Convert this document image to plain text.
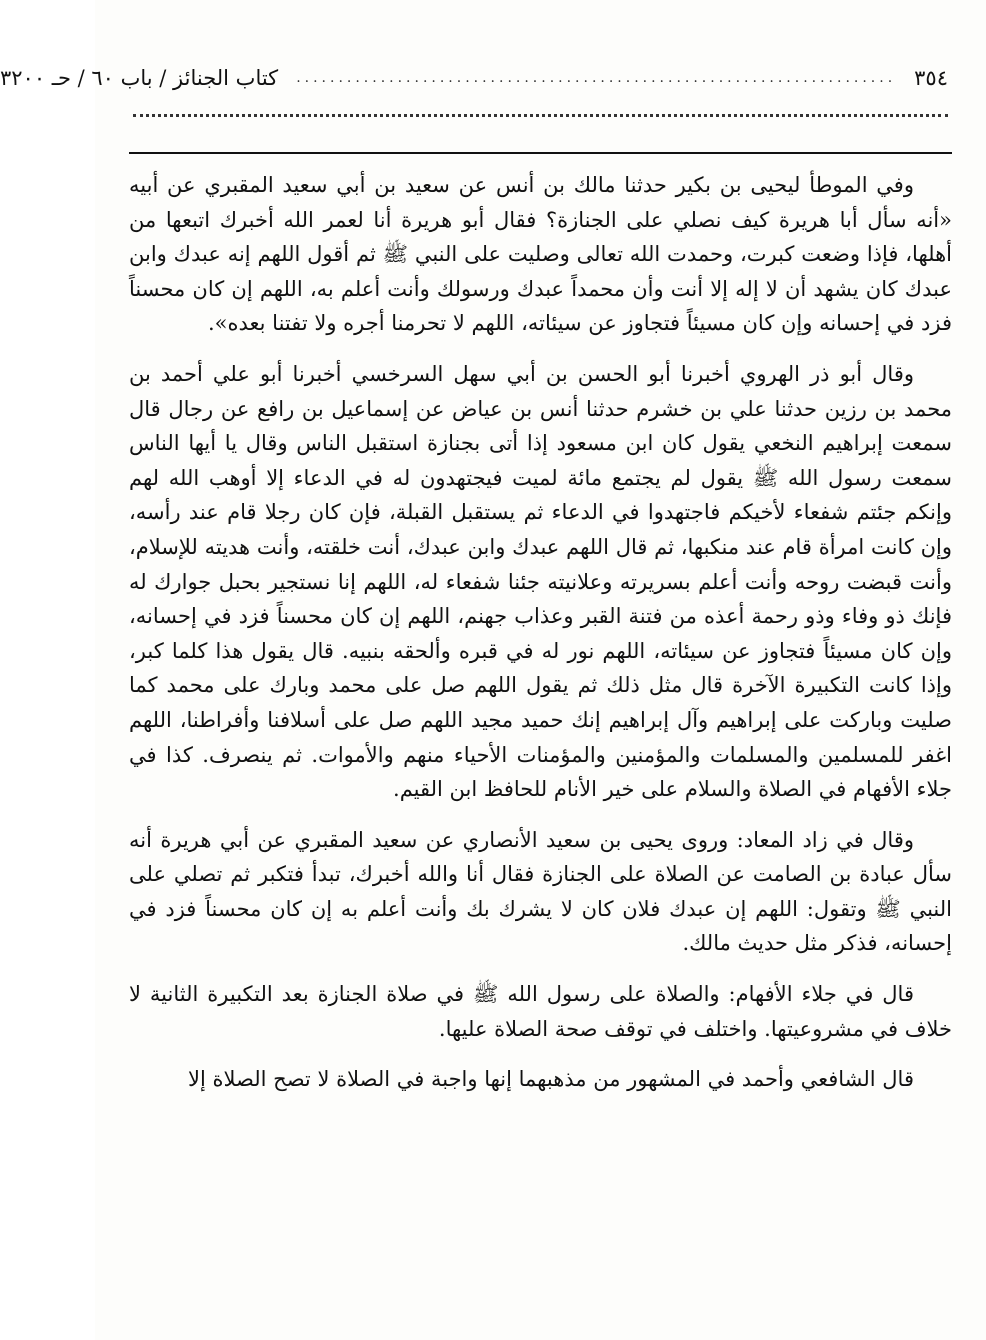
٣٥٤
.......................................................................
كتاب الجنائز / باب ٦٠ / حـ ٣٢٠٠

وفي الموطأ ليحيى بن بكير حدثنا مالك بن أنس عن سعيد بن أبي سعيد المقبري عن أبيه «أنه سأل أبا هريرة كيف نصلي على الجنازة؟ فقال أبو هريرة أنا لعمر الله أخبرك اتبعها من أهلها، فإذا وضعت كبرت، وحمدت الله تعالى وصليت على النبي ﷺ ثم أقول اللهم إنه عبدك وابن عبدك كان يشهد أن لا إله إلا أنت وأن محمداً عبدك ورسولك وأنت أعلم به، اللهم إن كان محسناً فزد في إحسانه وإن كان مسيئاً فتجاوز عن سيئاته، اللهم لا تحرمنا أجره ولا تفتنا بعده».

وقال أبو ذر الهروي أخبرنا أبو الحسن بن أبي سهل السرخسي أخبرنا أبو علي أحمد بن محمد بن رزين حدثنا علي بن خشرم حدثنا أنس بن عياض عن إسماعيل بن رافع عن رجال قال سمعت إبراهيم النخعي يقول كان ابن مسعود إذا أتى بجنازة استقبل الناس وقال يا أيها الناس سمعت رسول الله ﷺ يقول لم يجتمع مائة لميت فيجتهدون له في الدعاء إلا أوهب الله لهم وإنكم جئتم شفعاء لأخيكم فاجتهدوا في الدعاء ثم يستقبل القبلة، فإن كان رجلا قام عند رأسه، وإن كانت امرأة قام عند منكبها، ثم قال اللهم عبدك وابن عبدك، أنت خلقته، وأنت هديته للإسلام، وأنت قبضت روحه وأنت أعلم بسريرته وعلانيته جئنا شفعاء له، اللهم إنا نستجير بحبل جوارك له فإنك ذو وفاء وذو رحمة أعذه من فتنة القبر وعذاب جهنم، اللهم إن كان محسناً فزد في إحسانه، وإن كان مسيئاً فتجاوز عن سيئاته، اللهم نور له في قبره وألحقه بنبيه. قال يقول هذا كلما كبر، وإذا كانت التكبيرة الآخرة قال مثل ذلك ثم يقول اللهم صل على محمد وبارك على محمد كما صليت وباركت على إبراهيم وآل إبراهيم إنك حميد مجيد اللهم صل على أسلافنا وأفراطنا، اللهم اغفر للمسلمين والمسلمات والمؤمنين والمؤمنات الأحياء منهم والأموات. ثم ينصرف. كذا في جلاء الأفهام في الصلاة والسلام على خير الأنام للحافظ ابن القيم.

وقال في زاد المعاد: وروى يحيى بن سعيد الأنصاري عن سعيد المقبري عن أبي هريرة أنه سأل عبادة بن الصامت عن الصلاة على الجنازة فقال أنا والله أخبرك، تبدأ فتكبر ثم تصلي على النبي ﷺ وتقول: اللهم إن عبدك فلان كان لا يشرك بك وأنت أعلم به إن كان محسناً فزد في إحسانه، فذكر مثل حديث مالك.

قال في جلاء الأفهام: والصلاة على رسول الله ﷺ في صلاة الجنازة بعد التكبيرة الثانية لا خلاف في مشروعيتها. واختلف في توقف صحة الصلاة عليها.

قال الشافعي وأحمد في المشهور من مذهبهما إنها واجبة في الصلاة لا تصح الصلاة إلا
